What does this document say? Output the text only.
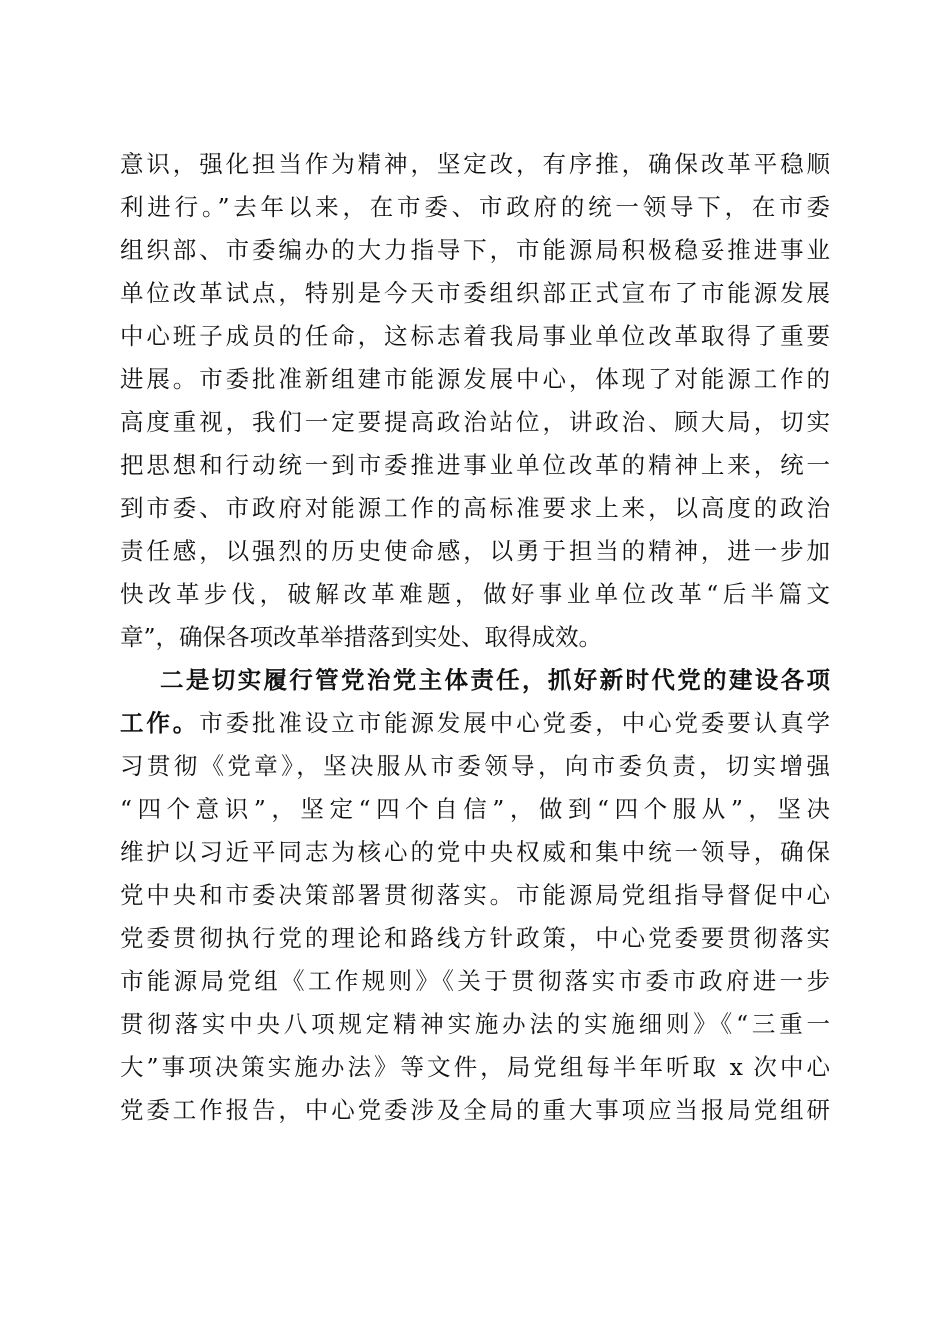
意识，强化担当作为精神，坚定改，有序推，确保改革平稳顺
利进行。”去年以来，在市委、市政府的统一领导下，在市委
组织部、市委编办的大力指导下，市能源局积极稳妥推进事业
单位改革试点，特别是今天市委组织部正式宣布了市能源发展
中心班子成员的任命，这标志着我局事业单位改革取得了重要
进展。市委批准新组建市能源发展中心，体现了对能源工作的
高度重视，我们一定要提高政治站位，讲政治、顾大局，切实
把思想和行动统一到市委推进事业单位改革的精神上来，统一
到市委、市政府对能源工作的高标准要求上来，以高度的政治
责任感，以强烈的历史使命感，以勇于担当的精神，进一步加
快改革步伐，破解改革难题，做好事业单位改革“后半篇文
章”，确保各项改革举措落到实处、取得成效。
二是切实履行管党治党主体责任，抓好新时代党的建设各项
工作。市委批准设立市能源发展中心党委，中心党委要认真学
习贯彻《党章》，坚决服从市委领导，向市委负责，切实增强
“四个意识”，坚定“四个自信”，做到“四个服从”，坚决
维护以习近平同志为核心的党中央权威和集中统一领导，确保
党中央和市委决策部署贯彻落实。市能源局党组指导督促中心
党委贯彻执行党的理论和路线方针政策，中心党委要贯彻落实
市能源局党组《工作规则》《关于贯彻落实市委市政府进一步
贯彻落实中央八项规定精神实施办法的实施细则》《“三重一
大”事项决策实施办法》等文件，局党组每半年听取 x 次中心
党委工作报告，中心党委涉及全局的重大事项应当报局党组研
